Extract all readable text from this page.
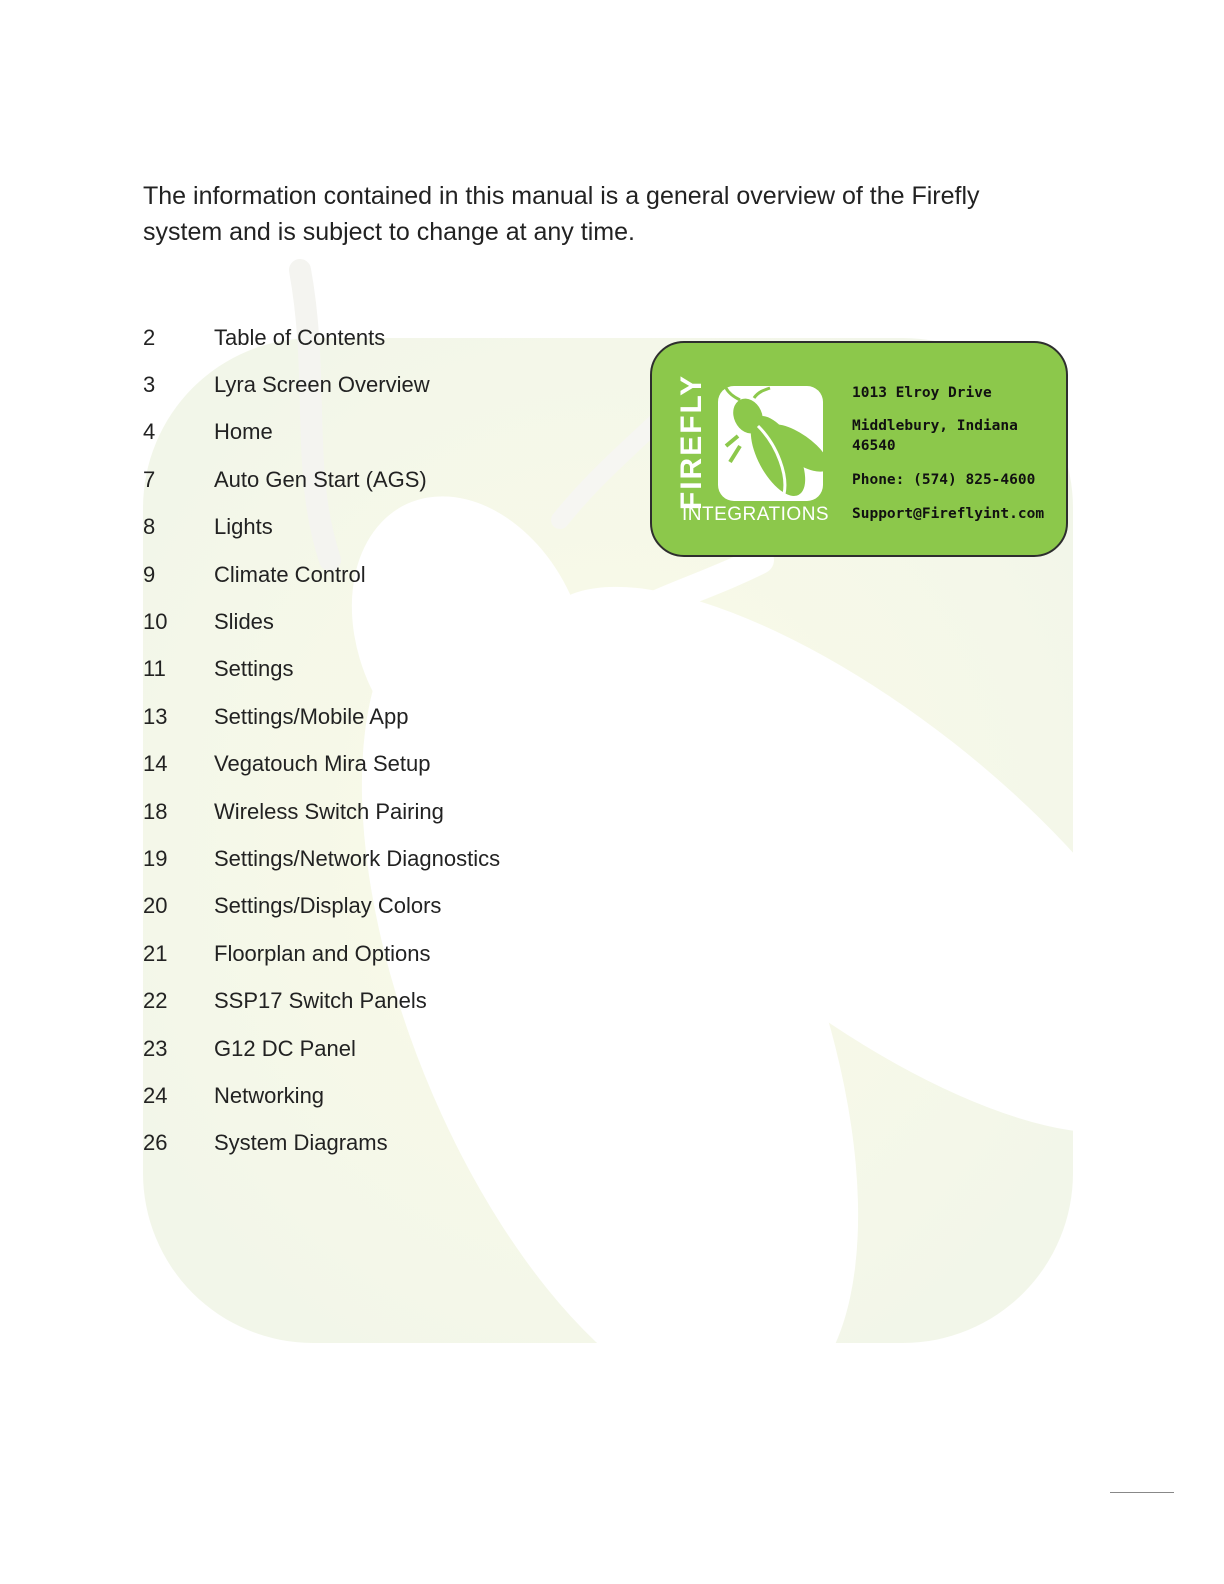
The information contained in this manual is a general overview of the Firefly
system and is subject to change at any time.

2	Table of Contents
3	Lyra Screen Overview
4	Home
7	Auto Gen Start (AGS)
8	Lights
9	Climate Control
10	Slides
11	Settings
13	Settings/Mobile App
14	Vegatouch Mira Setup
18	Wireless Switch Pairing
19	Settings/Network Diagnostics
20	Settings/Display Colors
21	Floorplan and Options
22	SSP17 Switch Panels
23	G12 DC Panel
24	Networking
26	System Diagrams
FIREFLY
INTEGRATIONS

1013 Elroy Drive

Middlebury, Indiana

46540

Phone: (574) 825-4600

Support@Fireflyint.com
